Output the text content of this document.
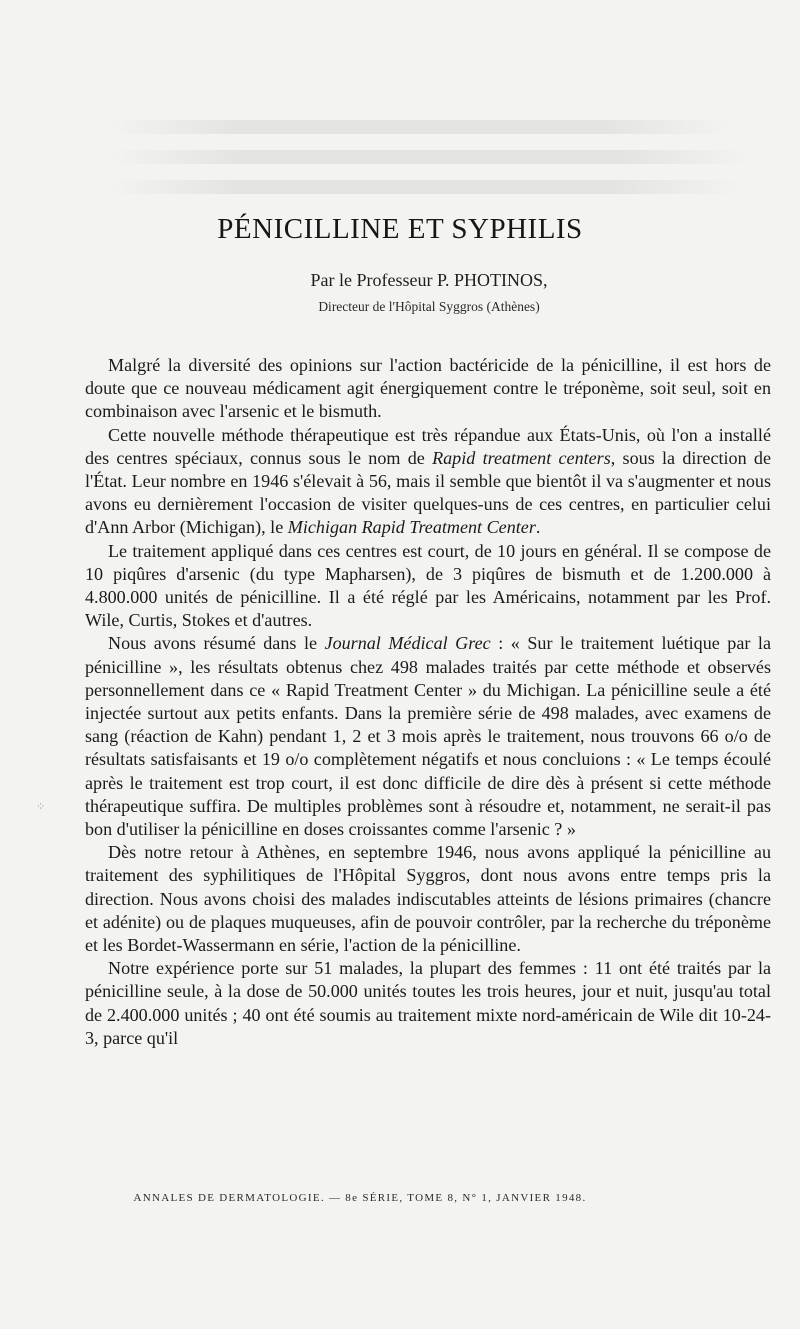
PÉNICILLINE ET SYPHILIS
Par le Professeur P. PHOTINOS,
Directeur de l'Hôpital Syggros (Athènes)

Malgré la diversité des opinions sur l'action bactéricide de la pénicilline, il est hors de doute que ce nouveau médicament agit énergiquement contre le tréponème, soit seul, soit en combinaison avec l'arsenic et le bismuth.

Cette nouvelle méthode thérapeutique est très répandue aux États-Unis, où l'on a installé des centres spéciaux, connus sous le nom de Rapid treatment centers, sous la direction de l'État. Leur nombre en 1946 s'élevait à 56, mais il semble que bientôt il va s'augmenter et nous avons eu dernièrement l'occasion de visiter quelques-uns de ces centres, en particulier celui d'Ann Arbor (Michigan), le Michigan Rapid Treatment Center.

Le traitement appliqué dans ces centres est court, de 10 jours en général. Il se compose de 10 piqûres d'arsenic (du type Mapharsen), de 3 piqûres de bismuth et de 1.200.000 à 4.800.000 unités de pénicilline. Il a été réglé par les Américains, notamment par les Prof. Wile, Curtis, Stokes et d'autres.

Nous avons résumé dans le Journal Médical Grec : « Sur le traitement luétique par la pénicilline », les résultats obtenus chez 498 malades traités par cette méthode et observés personnellement dans ce « Rapid Treatment Center » du Michigan. La pénicilline seule a été injectée surtout aux petits enfants. Dans la première série de 498 malades, avec examens de sang (réaction de Kahn) pendant 1, 2 et 3 mois après le traitement, nous trouvons 66 o/o de résultats satisfaisants et 19 o/o complètement négatifs et nous concluions : « Le temps écoulé après le traitement est trop court, il est donc difficile de dire dès à présent si cette méthode thérapeutique suffira. De multiples problèmes sont à résoudre et, notamment, ne serait-il pas bon d'utiliser la pénicilline en doses croissantes comme l'arsenic ? »

Dès notre retour à Athènes, en septembre 1946, nous avons appliqué la pénicilline au traitement des syphilitiques de l'Hôpital Syggros, dont nous avons entre temps pris la direction. Nous avons choisi des malades indiscutables atteints de lésions primaires (chancre et adénite) ou de plaques muqueuses, afin de pouvoir contrôler, par la recherche du tréponème et les Bordet-Wassermann en série, l'action de la pénicilline.

Notre expérience porte sur 51 malades, la plupart des femmes : 11 ont été traités par la pénicilline seule, à la dose de 50.000 unités toutes les trois heures, jour et nuit, jusqu'au total de 2.400.000 unités ; 40 ont été soumis au traitement mixte nord-américain de Wile dit 10-24-3, parce qu'il

⁘
ANNALES DE DERMATOLOGIE. — 8e SÉRIE, TOME 8, N° 1, JANVIER 1948.
